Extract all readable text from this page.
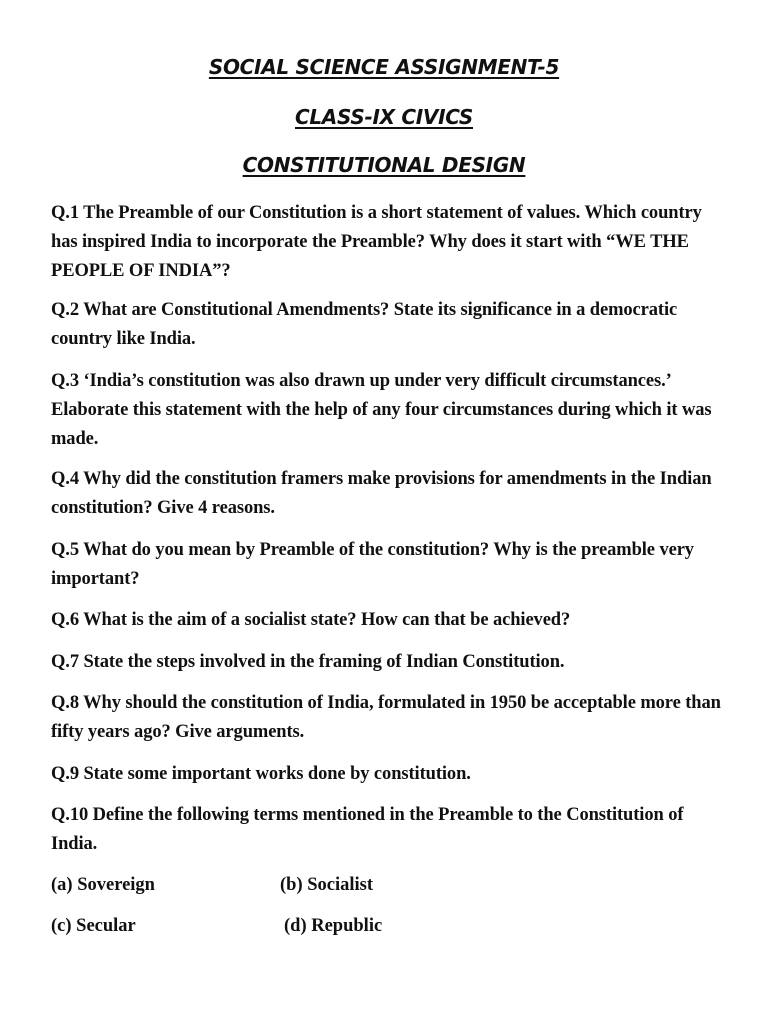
SOCIAL SCIENCE ASSIGNMENT-5
CLASS-IX CIVICS
CONSTITUTIONAL DESIGN
Q.1 The Preamble of our Constitution is a short statement of values. Which country has inspired India to incorporate the Preamble? Why does it start with “WE THE PEOPLE OF INDIA”?
Q.2 What are Constitutional Amendments? State its significance in a democratic country like India.
Q.3 ‘India’s constitution was also drawn up under very difficult circumstances.’ Elaborate this statement with the help of any four circumstances during which it was made.
Q.4 Why did the constitution framers make provisions for amendments in the Indian constitution? Give 4 reasons.
Q.5 What do you mean by Preamble of the constitution? Why is the preamble very important?
Q.6 What is the aim of a socialist state? How can that be achieved?
Q.7 State the steps involved in the framing of Indian Constitution.
Q.8 Why should the constitution of India, formulated in 1950 be acceptable more than fifty years ago? Give arguments.
Q.9 State some important works done by constitution.
Q.10 Define the following terms mentioned in the Preamble to the Constitution of India.
(a) Sovereign	(b) Socialist
(c) Secular	(d) Republic
